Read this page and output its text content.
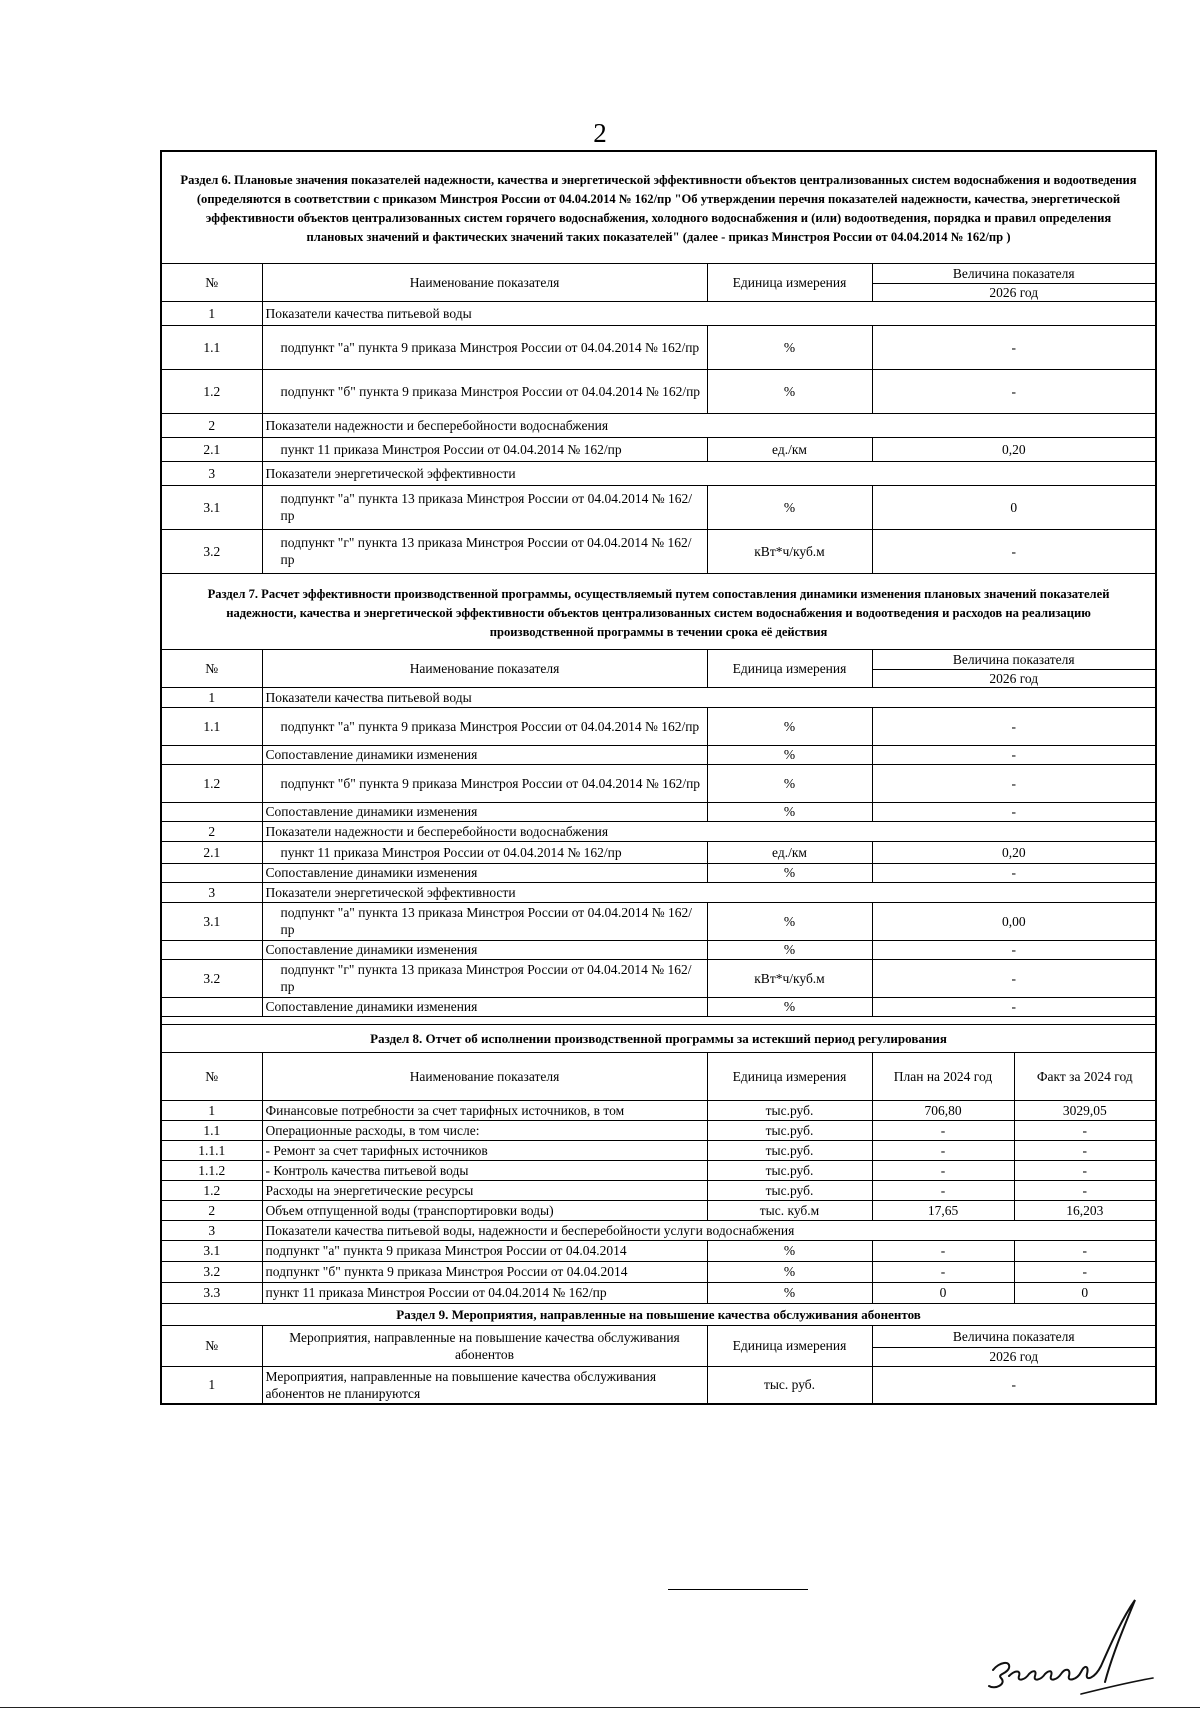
2
Раздел 6. Плановые значения показателей надежности, качества и энергетической эффективности объектов централизованных систем водоснабжения и водоотведения (определяются в соответствии с приказом Минстроя России от 04.04.2014 № 162/пр "Об утверждении перечня показателей надежности, качества, энергетической эффективности объектов централизованных систем горячего водоснабжения, холодного водоснабжения и (или) водоотведения, порядка и правил определения плановых значений и фактических значений таких показателей" (далее - приказ Минстроя России от 04.04.2014 № 162/пр )				
№	Наименование показателя	Единица измерения	Величина показателя	
			2026 год	
1	Показатели качества питьевой воды			
1.1	подпункт "а" пункта 9 приказа Минстроя России от 04.04.2014 № 162/пр	%	-	
1.2	подпункт "б" пункта 9 приказа Минстроя России от 04.04.2014 № 162/пр	%	-	
2	Показатели надежности и бесперебойности водоснабжения			
2.1	пункт 11 приказа Минстроя России от 04.04.2014 № 162/пр	ед./км	0,20	
3	Показатели энергетической эффективности			
3.1	подпункт "а" пункта 13 приказа Минстроя России от 04.04.2014 № 162/пр	%	0	
3.2	подпункт "г" пункта 13 приказа Минстроя России от 04.04.2014 № 162/пр	кВт*ч/куб.м	-	
Раздел 7. Расчет эффективности производственной программы, осуществляемый путем сопоставления динамики изменения плановых значений показателей надежности, качества и энергетической эффективности объектов централизованных систем водоснабжения и водоотведения и расходов на реализацию производственной программы в течении срока её действия				
№	Наименование показателя	Единица измерения	Величина показателя	
			2026 год	
1	Показатели качества питьевой воды			
1.1	подпункт "а" пункта 9 приказа Минстроя России от 04.04.2014 № 162/пр	%	-	
	Сопоставление динамики изменения	%	-	
1.2	подпункт "б" пункта 9 приказа Минстроя России от 04.04.2014 № 162/пр	%	-	
	Сопоставление динамики изменения	%	-	
2	Показатели надежности и бесперебойности водоснабжения			
2.1	пункт 11 приказа Минстроя России от 04.04.2014 № 162/пр	ед./км	0,20	
	Сопоставление динамики изменения	%	-	
3	Показатели энергетической эффективности			
3.1	подпункт "а" пункта 13 приказа Минстроя России от 04.04.2014 № 162/пр	%	0,00	
	Сопоставление динамики изменения	%	-	
3.2	подпункт "г" пункта 13 приказа Минстроя России от 04.04.2014 № 162/пр	кВт*ч/куб.м	-	
	Сопоставление динамики изменения	%	-	

Раздел 8. Отчет об исполнении производственной программы за истекший период регулирования				
№	Наименование показателя	Единица измерения	План на 2024 год	Факт за 2024 год
1	Финансовые потребности за счет тарифных источников, в том	тыс.руб.	706,80	3029,05
1.1	Операционные расходы, в том числе:	тыс.руб.	-	-
1.1.1	- Ремонт за счет тарифных источников	тыс.руб.	-	-
1.1.2	- Контроль качества питьевой воды	тыс.руб.	-	-
1.2	Расходы на энергетические ресурсы	тыс.руб.	-	-
2	Объем отпущенной воды (транспортировки воды)	тыс. куб.м	17,65	16,203
3	Показатели качества питьевой воды, надежности и бесперебойности услуги водоснабжения			
3.1	подпункт "а" пункта 9 приказа Минстроя России от 04.04.2014	%	-	-
3.2	подпункт "б" пункта 9 приказа Минстроя России от 04.04.2014	%	-	-
3.3	пункт 11 приказа Минстроя России от 04.04.2014 № 162/пр	%	0	0
Раздел 9. Мероприятия, направленные на повышение качества обслуживания абонентов				
№	Мероприятия, направленные на повышение качества обслуживания абонентов	Единица измерения	Величина показателя	
			2026 год	
1	Мероприятия, направленные на повышение качества обслуживания абонентов не планируются	тыс. руб.	-	
